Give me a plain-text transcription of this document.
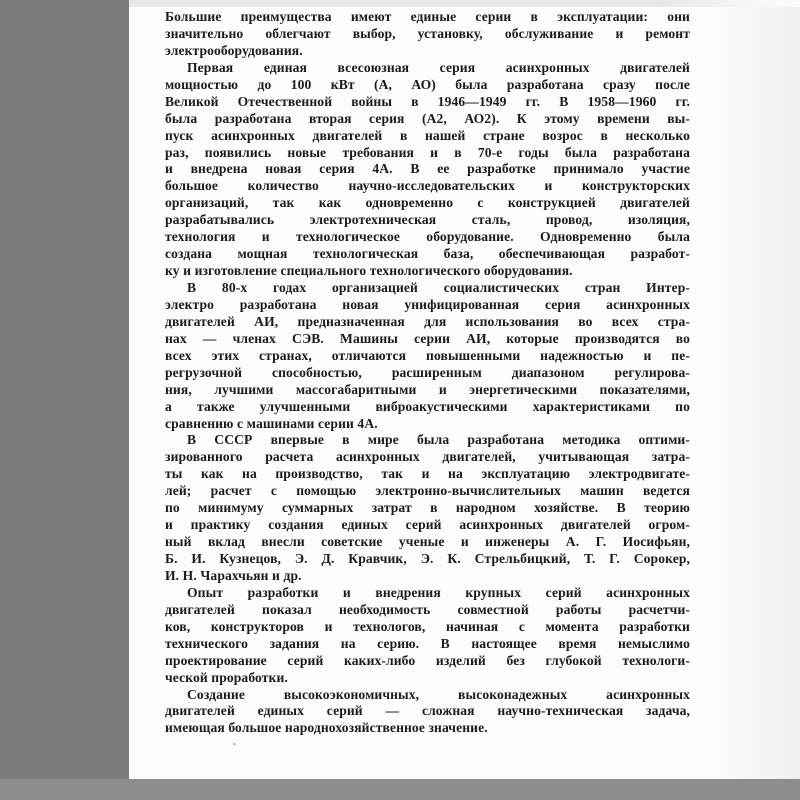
Большие преимущества имеют единые серии в эксплуатации: они
значительно облегчают выбор, установку, обслуживание и ремонт
электрооборудования.
Первая единая всесоюзная серия асинхронных двигателей
мощностью до 100 кВт (А, АО) была разработана сразу после
Великой Отечественной войны в 1946—1949 гг. В 1958—1960 гг.
была разработана вторая серия (А2, АО2). К этому времени вы-
пуск асинхронных двигателей в нашей стране возрос в несколько
раз, появились новые требования и в 70-е годы была разработана
и внедрена новая серия 4А. В ее разработке принимало участие
большое количество научно-исследовательских и конструкторских
организаций, так как одновременно с конструкцией двигателей
разрабатывались электротехническая сталь, провод, изоляция,
технология и технологическое оборудование. Одновременно была
создана мощная технологическая база, обеспечивающая разработ-
ку и изготовление специального технологического оборудования.
В 80-х годах организацией социалистических стран Интер-
электро разработана новая унифицированная серия асинхронных
двигателей АИ, предназначенная для использования во всех стра-
нах — членах СЭВ. Машины серии АИ, которые производятся во
всех этих странах, отличаются повышенными надежностью и пе-
регрузочной способностью, расширенным диапазоном регулирова-
ния, лучшими массогабаритными и энергетическими показателями,
а также улучшенными виброакустическими характеристиками по
сравнению с машинами серии 4А.
В СССР впервые в мире была разработана методика оптими-
зированного расчета асинхронных двигателей, учитывающая затра-
ты как на производство, так и на эксплуатацию электродвигате-
лей; расчет с помощью электронно-вычислительных машин ведется
по минимуму суммарных затрат в народном хозяйстве. В теорию
и практику создания единых серий асинхронных двигателей огром-
ный вклад внесли советские ученые и инженеры А. Г. Иосифьян,
Б. И. Кузнецов, Э. Д. Кравчик, Э. К. Стрельбицкий, Т. Г. Сорокер,
И. Н. Чарахчьян и др.
Опыт разработки и внедрения крупных серий асинхронных
двигателей показал необходимость совместной работы расчетчи-
ков, конструкторов и технологов, начиная с момента разработки
технического задания на серию. В настоящее время немыслимо
проектирование серий каких-либо изделий без глубокой технологи-
ческой проработки.
Создание высокоэкономичных, высоконадежных асинхронных
двигателей единых серий — сложная научно-техническая задача,
имеющая большое народнохозяйственное значение.
